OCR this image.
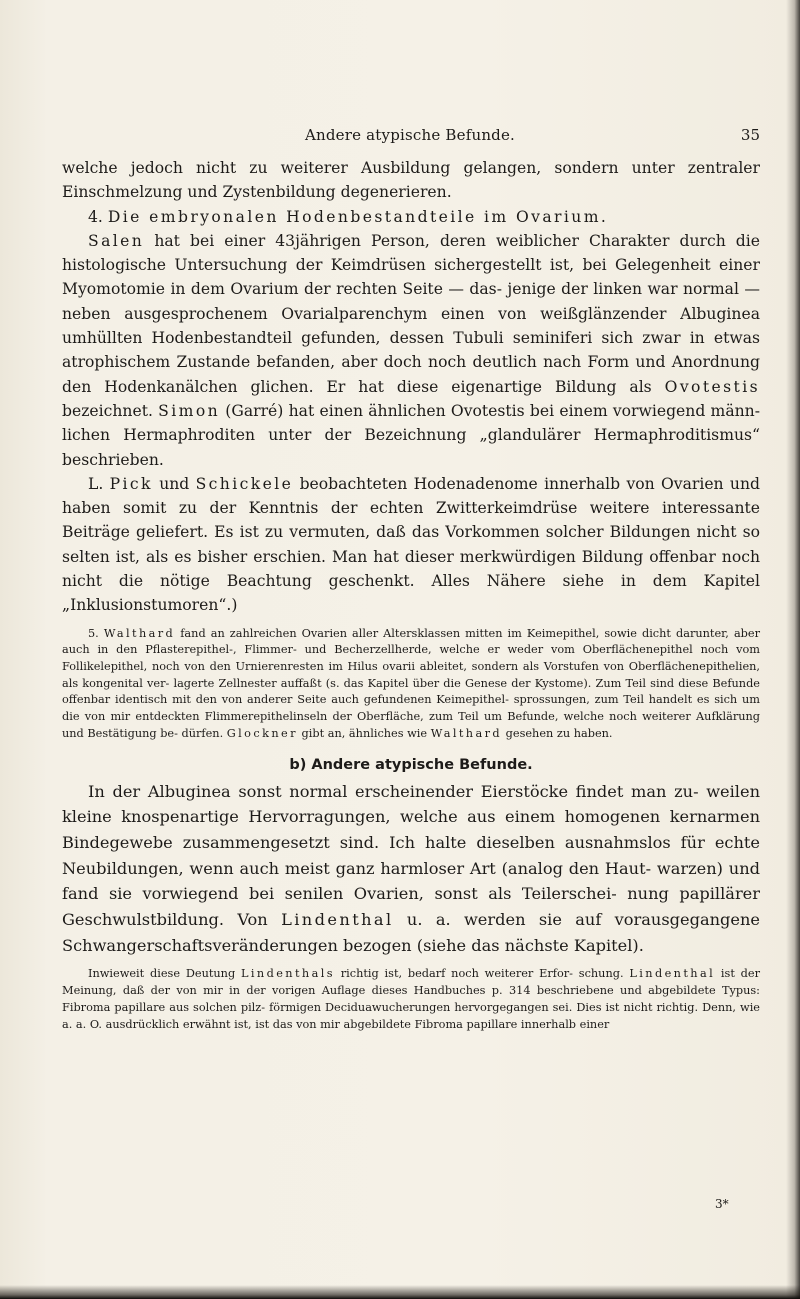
Andere atypische Befunde.	35

welche jedoch nicht zu weiterer Ausbildung gelangen, sondern unter zentraler Einschmelzung und Zystenbildung degenerieren.

4. Die embryonalen Hodenbestandteile im Ovarium.

Salen hat bei einer 43jährigen Person, deren weiblicher Charakter durch die histologische Untersuchung der Keimdrüsen sichergestellt ist, bei Gelegenheit einer Myomotomie in dem Ovarium der rechten Seite — das- jenige der linken war normal — neben ausgesprochenem Ovarialparenchym einen von weißglänzender Albuginea umhüllten Hodenbestandteil gefunden, dessen Tubuli seminiferi sich zwar in etwas atrophischem Zustande befanden, aber doch noch deutlich nach Form und Anordnung den Hodenkanälchen glichen. Er hat diese eigenartige Bildung als Ovotestis bezeichnet. Simon (Garré) hat einen ähnlichen Ovotestis bei einem vorwiegend männ- lichen Hermaphroditen unter der Bezeichnung „glandulärer Hermaphroditismus“ beschrieben.

L. Pick und Schickele beobachteten Hodenadenome innerhalb von Ovarien und haben somit zu der Kenntnis der echten Zwitterkeimdrüse weitere interessante Beiträge geliefert. Es ist zu vermuten, daß das Vorkommen solcher Bildungen nicht so selten ist, als es bisher erschien. Man hat dieser merkwürdigen Bildung offenbar noch nicht die nötige Beachtung geschenkt. Alles Nähere siehe in dem Kapitel „Inklusionstumoren“.)

5. Walthard fand an zahlreichen Ovarien aller Altersklassen mitten im Keimepithel, sowie dicht darunter, aber auch in den Pflasterepithel-, Flimmer- und Becherzellherde, welche er weder vom Oberflächenepithel noch vom Follikelepithel, noch von den Urnierenresten im Hilus ovarii ableitet, sondern als Vorstufen von Oberflächenepithelien, als kongenital ver- lagerte Zellnester auffaßt (s. das Kapitel über die Genese der Kystome). Zum Teil sind diese Befunde offenbar identisch mit den von anderer Seite auch gefundenen Keimepithel- sprossungen, zum Teil handelt es sich um die von mir entdeckten Flimmerepithelinseln der Oberfläche, zum Teil um Befunde, welche noch weiterer Aufklärung und Bestätigung be- dürfen. Glockner gibt an, ähnliches wie Walthard gesehen zu haben.

b) Andere atypische Befunde.

In der Albuginea sonst normal erscheinender Eierstöcke findet man zu- weilen kleine knospenartige Hervorragungen, welche aus einem homogenen kernarmen Bindegewebe zusammengesetzt sind. Ich halte dieselben ausnahmslos für echte Neubildungen, wenn auch meist ganz harmloser Art (analog den Haut- warzen) und fand sie vorwiegend bei senilen Ovarien, sonst als Teilerschei- nung papillärer Geschwulstbildung. Von Lindenthal u. a. werden sie auf vorausgegangene Schwangerschaftsveränderungen bezogen (siehe das nächste Kapitel).

Inwieweit diese Deutung Lindenthals richtig ist, bedarf noch weiterer Erfor- schung. Lindenthal ist der Meinung, daß der von mir in der vorigen Auflage dieses Handbuches p. 314 beschriebene und abgebildete Typus: Fibroma papillare aus solchen pilz- förmigen Deciduawucherungen hervorgegangen sei. Dies ist nicht richtig. Denn, wie a. a. O. ausdrücklich erwähnt ist, ist das von mir abgebildete Fibroma papillare innerhalb einer

3*
